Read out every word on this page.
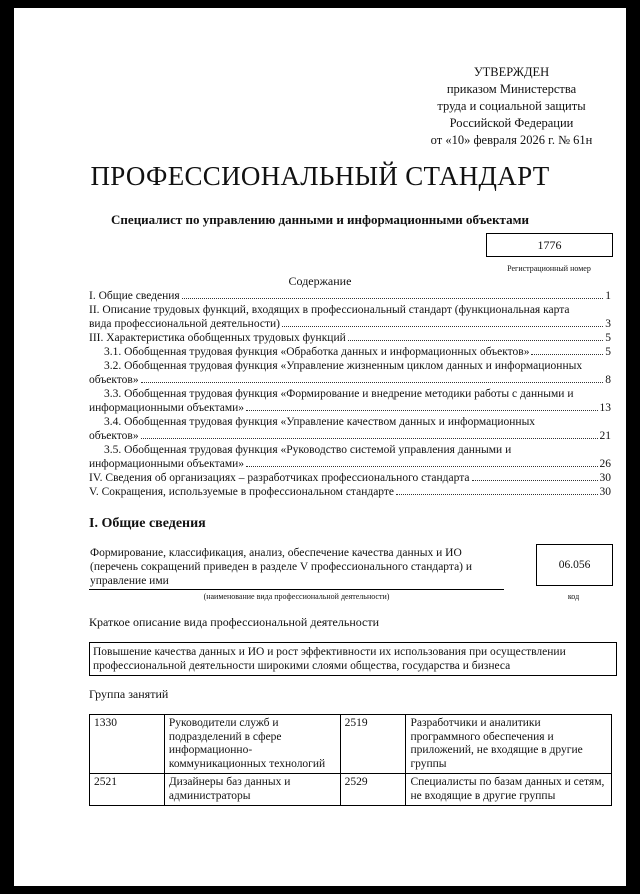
УТВЕРЖДЕН
приказом Министерства
труда и социальной защиты
Российской Федерации
от «10» февраля 2026 г. № 61н
ПРОФЕССИОНАЛЬНЫЙ СТАНДАРТ
Специалист по управлению данными и информационными объектами
1776
Регистрационный номер
Содержание
I. Общие сведения	1
II. Описание трудовых функций, входящих в профессиональный стандарт (функциональная карта
вида профессиональной деятельности)	3
III. Характеристика обобщенных трудовых функций	5
3.1. Обобщенная трудовая функция «Обработка данных и информационных объектов»	5
3.2. Обобщенная трудовая функция «Управление жизненным циклом данных и информационных
объектов»	8
3.3. Обобщенная трудовая функция «Формирование и внедрение методики работы с данными и
информационными объектами»	13
3.4. Обобщенная трудовая функция «Управление качеством данных и информационных
объектов»	21
3.5. Обобщенная трудовая функция «Руководство системой управления данными и
информационными объектами»	26
IV. Сведения об организациях – разработчиках профессионального стандарта	30
V. Сокращения, используемые в профессиональном стандарте	30
I. Общие сведения
Формирование, классификация, анализ, обеспечение качества данных и ИО (перечень сокращений приведен в разделе V профессионального стандарта) и управление ими
(наименование вида профессиональной деятельности)
06.056
код
Краткое описание вида профессиональной деятельности
Повышение качества данных и ИО и рост эффективности их использования при осуществлении профессиональной деятельности широкими слоями общества, государства и бизнеса
Группа занятий
1330	Руководители служб и подразделений в сфере информационно-коммуникационных технологий	2519	Разработчики и аналитики программного обеспечения и приложений, не входящие в другие группы
2521	Дизайнеры баз данных и администраторы	2529	Специалисты по базам данных и сетям, не входящие в другие группы
